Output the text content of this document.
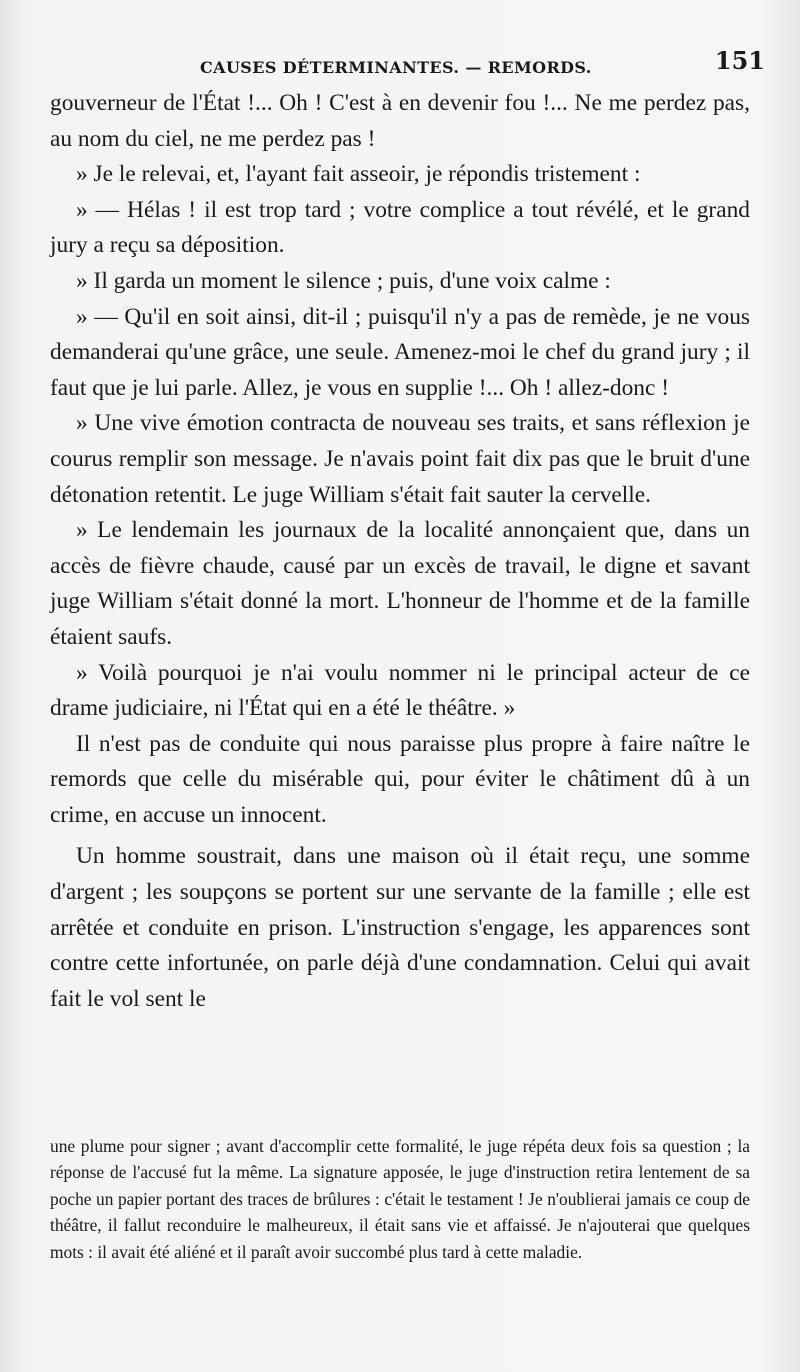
CAUSES DÉTERMINANTES. — REMORDS.	151

gouverneur de l'État !... Oh ! C'est à en devenir fou !... Ne me perdez pas, au nom du ciel, ne me perdez pas !

» Je le relevai, et, l'ayant fait asseoir, je répondis tristement :

» — Hélas ! il est trop tard ; votre complice a tout révélé, et le grand jury a reçu sa déposition.

» Il garda un moment le silence ; puis, d'une voix calme :

» — Qu'il en soit ainsi, dit-il ; puisqu'il n'y a pas de remède, je ne vous demanderai qu'une grâce, une seule. Amenez-moi le chef du grand jury ; il faut que je lui parle. Allez, je vous en supplie !... Oh ! allez-donc !

» Une vive émotion contracta de nouveau ses traits, et sans réflexion je courus remplir son message. Je n'avais point fait dix pas que le bruit d'une détonation retentit. Le juge William s'était fait sauter la cervelle.

» Le lendemain les journaux de la localité annonçaient que, dans un accès de fièvre chaude, causé par un excès de travail, le digne et savant juge William s'était donné la mort. L'honneur de l'homme et de la famille étaient saufs.

» Voilà pourquoi je n'ai voulu nommer ni le principal acteur de ce drame judiciaire, ni l'État qui en a été le théâtre. »

Il n'est pas de conduite qui nous paraisse plus propre à faire naître le remords que celle du misérable qui, pour éviter le châtiment dû à un crime, en accuse un innocent.

Un homme soustrait, dans une maison où il était reçu, une somme d'argent ; les soupçons se portent sur une servante de la famille ; elle est arrêtée et conduite en prison. L'instruction s'engage, les apparences sont contre cette infortunée, on parle déjà d'une condamnation. Celui qui avait fait le vol sent le

une plume pour signer ; avant d'accomplir cette formalité, le juge répéta deux fois sa question ; la réponse de l'accusé fut la même. La signature apposée, le juge d'instruction retira lentement de sa poche un papier portant des traces de brûlures : c'était le testament ! Je n'oublierai jamais ce coup de théâtre, il fallut reconduire le malheureux, il était sans vie et affaissé. Je n'ajouterai que quelques mots : il avait été aliéné et il paraît avoir succombé plus tard à cette maladie.
